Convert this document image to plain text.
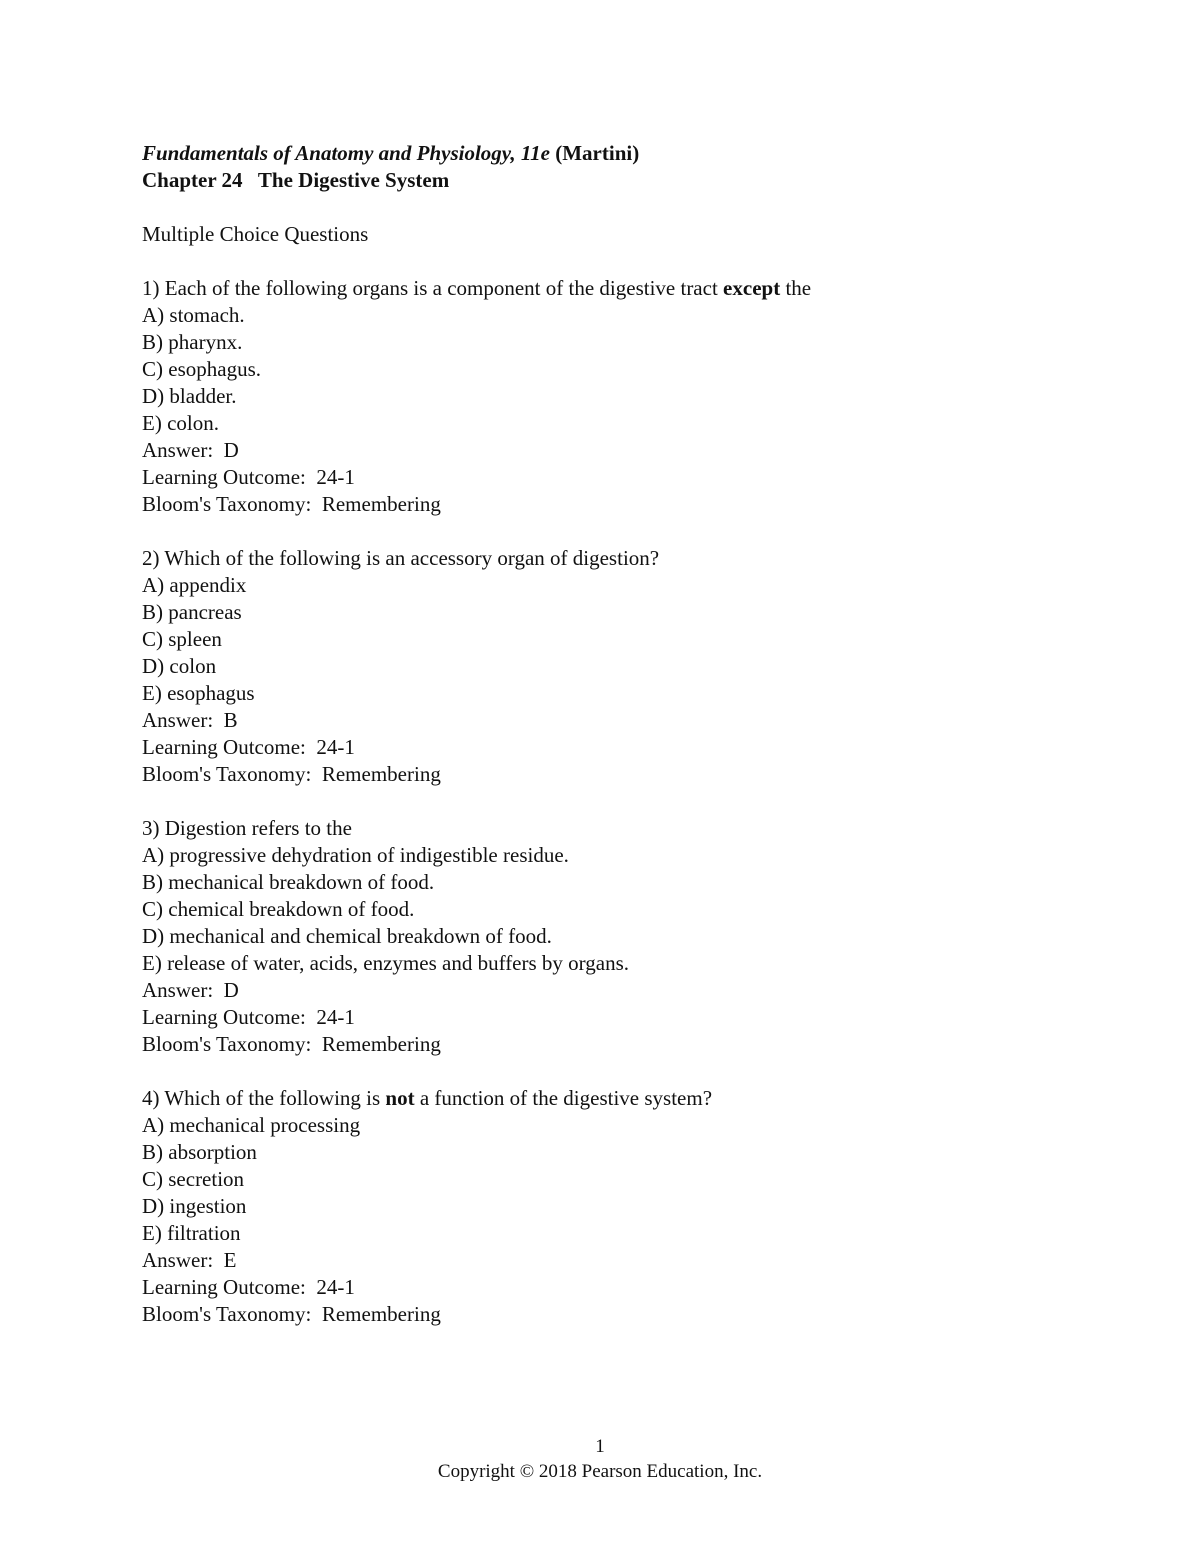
Fundamentals of Anatomy and Physiology, 11e (Martini)

Chapter 24   The Digestive System

Multiple Choice Questions

1) Each of the following organs is a component of the digestive tract except the

A) stomach.

B) pharynx.

C) esophagus.

D) bladder.

E) colon.

Answer:  D

Learning Outcome:  24-1

Bloom's Taxonomy:  Remembering

2) Which of the following is an accessory organ of digestion?

A) appendix

B) pancreas

C) spleen

D) colon

E) esophagus

Answer:  B

Learning Outcome:  24-1

Bloom's Taxonomy:  Remembering

3) Digestion refers to the

A) progressive dehydration of indigestible residue.

B) mechanical breakdown of food.

C) chemical breakdown of food.

D) mechanical and chemical breakdown of food.

E) release of water, acids, enzymes and buffers by organs.

Answer:  D

Learning Outcome:  24-1

Bloom's Taxonomy:  Remembering

4) Which of the following is not a function of the digestive system?

A) mechanical processing

B) absorption

C) secretion

D) ingestion

E) filtration

Answer:  E

Learning Outcome:  24-1

Bloom's Taxonomy:  Remembering

1
Copyright © 2018 Pearson Education, Inc.
